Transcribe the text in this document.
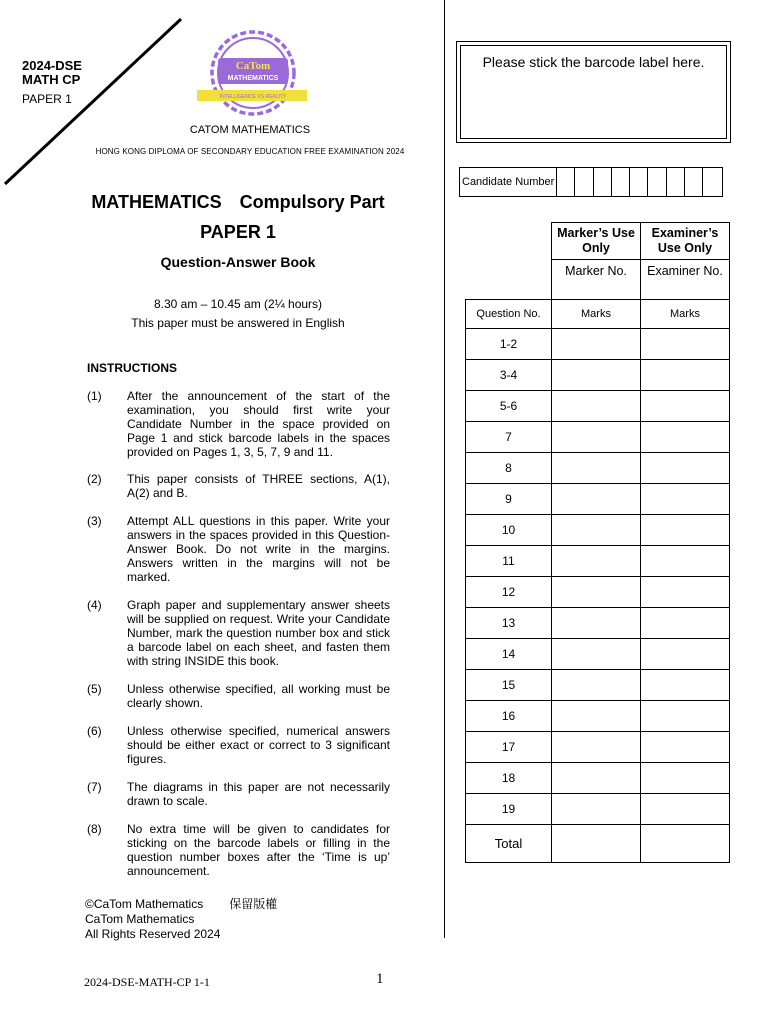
2024-DSE
MATH CP
PAPER 1
CaTom
MATHEMATICS
INTELLIGENCE VS REALITY
CATOM MATHEMATICS
HONG KONG DIPLOMA OF SECONDARY EDUCATION FREE EXAMINATION 2024
MATHEMATICS Compulsory Part
PAPER 1
Question-Answer Book
8.30 am – 10.45 am (2¼ hours)
This paper must be answered in English
INSTRUCTIONS
(1) After the announcement of the start of the examination, you should first write your Candidate Number in the space provided on Page 1 and stick barcode labels in the spaces provided on Pages 1, 3, 5, 7, 9 and 11.
(2) This paper consists of THREE sections, A(1), A(2) and B.
(3) Attempt ALL questions in this paper. Write your answers in the spaces provided in this Question-Answer Book. Do not write in the margins. Answers written in the margins will not be marked.
(4) Graph paper and supplementary answer sheets will be supplied on request. Write your Candidate Number, mark the question number box and stick a barcode label on each sheet, and fasten them with string INSIDE this book.
(5) Unless otherwise specified, all working must be clearly shown.
(6) Unless otherwise specified, numerical answers should be either exact or correct to 3 significant figures.
(7) The diagrams in this paper are not necessarily drawn to scale.
(8) No extra time will be given to candidates for sticking on the barcode labels or filling in the question number boxes after the ‘Time is up’ announcement.
©CaTom Mathematics 保留版權
CaTom Mathematics
All Rights Reserved 2024
2024-DSE-MATH-CP 1-1	1
Please stick the barcode label here.
Candidate Number
	Marker’s Use Only	Examiner’s Use Only
	Marker No.	Examiner No.
Question No.	Marks	Marks
1-2		
3-4		
5-6		
7		
8		
9		
10		
11		
12		
13		
14		
15		
16		
17		
18		
19		
Total		
